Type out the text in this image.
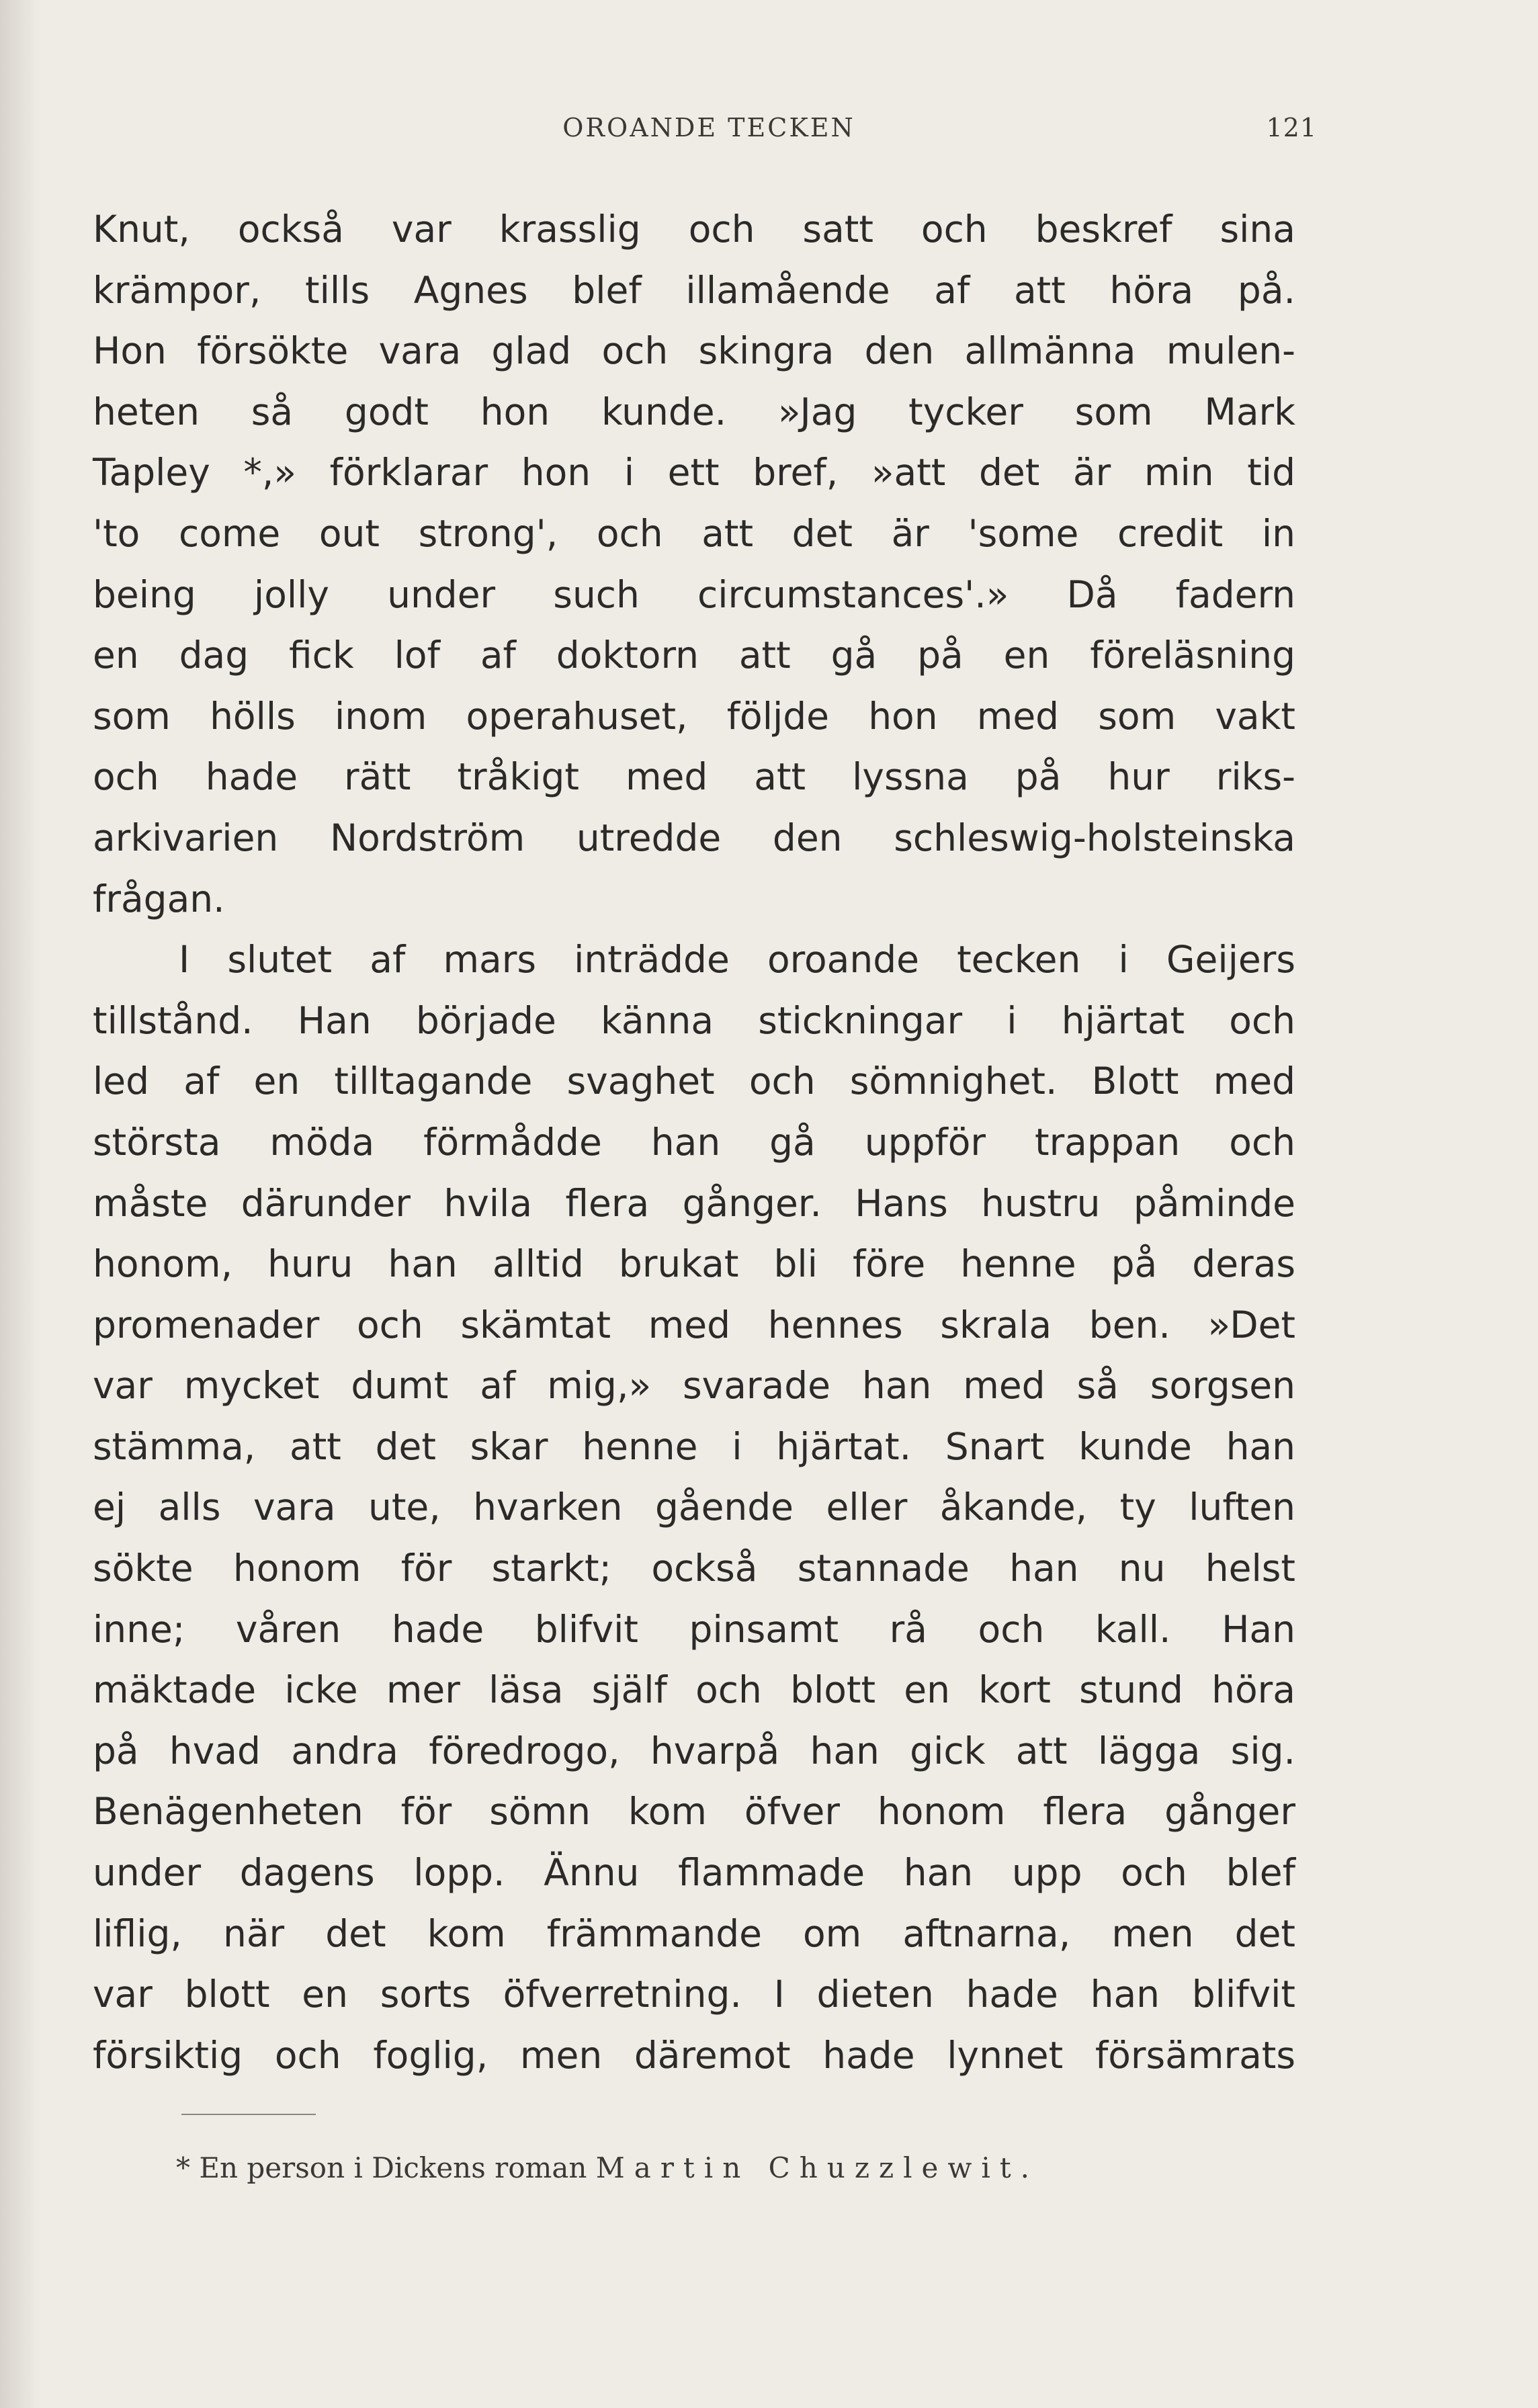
OROANDE TECKEN	121
Knut, också var krasslig och satt och beskref sina
krämpor, tills Agnes blef illamående af att höra på.
Hon försökte vara glad och skingra den allmänna mulen-
heten så godt hon kunde. »Jag tycker som Mark
Tapley *,» förklarar hon i ett bref, »att det är min tid
'to come out strong', och att det är 'some credit in
being jolly under such circumstances'.» Då fadern
en dag fick lof af doktorn att gå på en föreläsning
som hölls inom operahuset, följde hon med som vakt
och hade rätt tråkigt med att lyssna på hur riks-
arkivarien Nordström utredde den schleswig-holsteinska
frågan.
I slutet af mars inträdde oroande tecken i Geijers
tillstånd. Han började känna stickningar i hjärtat och
led af en tilltagande svaghet och sömnighet. Blott med
största möda förmådde han gå uppför trappan och
måste därunder hvila flera gånger. Hans hustru påminde
honom, huru han alltid brukat bli före henne på deras
promenader och skämtat med hennes skrala ben. »Det
var mycket dumt af mig,» svarade han med så sorgsen
stämma, att det skar henne i hjärtat. Snart kunde han
ej alls vara ute, hvarken gående eller åkande, ty luften
sökte honom för starkt; också stannade han nu helst
inne; våren hade blifvit pinsamt rå och kall. Han
mäktade icke mer läsa själf och blott en kort stund höra
på hvad andra föredrogo, hvarpå han gick att lägga sig.
Benägenheten för sömn kom öfver honom flera gånger
under dagens lopp. Ännu flammade han upp och blef
liflig, när det kom främmande om aftnarna, men det
var blott en sorts öfverretning. I dieten hade han blifvit
försiktig och foglig, men däremot hade lynnet försämrats
* En person i Dickens roman Martin Chuzzlewit.
